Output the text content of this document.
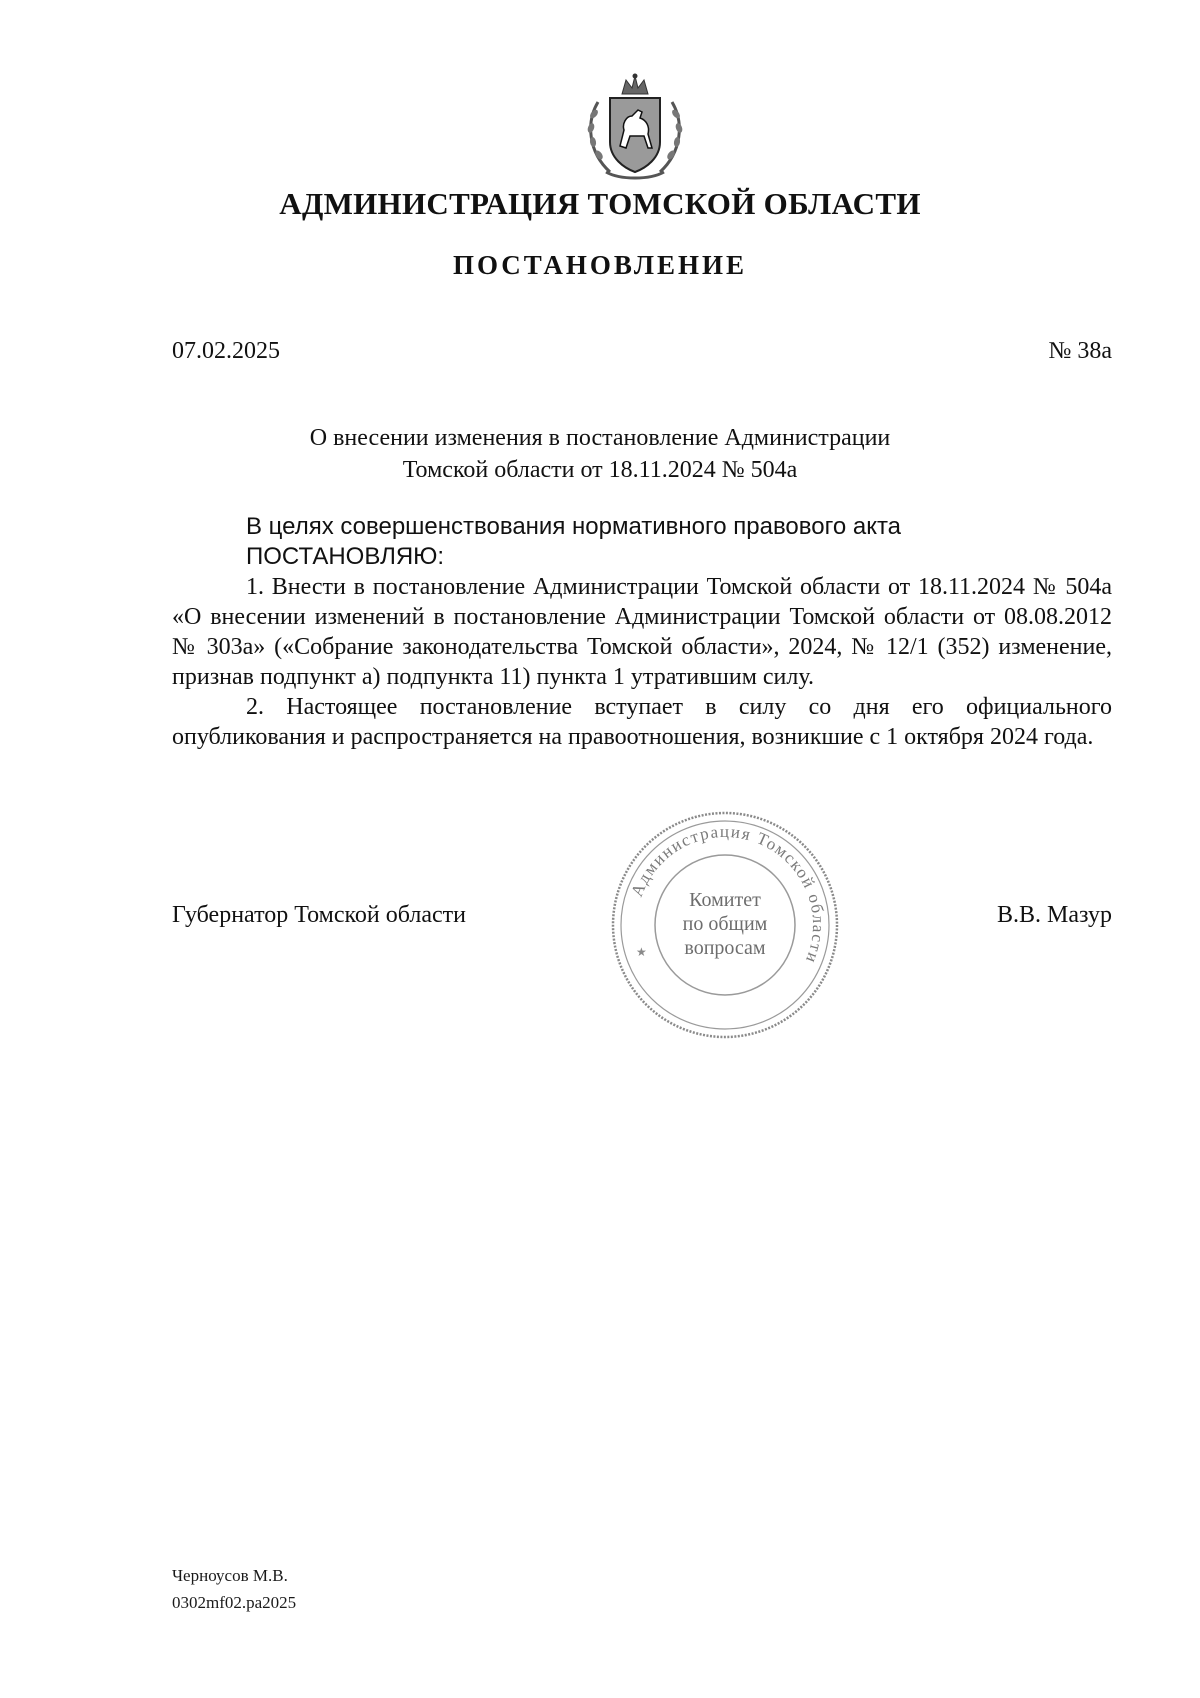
АДМИНИСТРАЦИЯ ТОМСКОЙ ОБЛАСТИ
ПОСТАНОВЛЕНИЕ
07.02.2025	№ 38а
О внесении изменения в постановление Администрации
Томской области от 18.11.2024 № 504а

В целях совершенствования нормативного правового акта

ПОСТАНОВЛЯЮ:

1. Внести в постановление Администрации Томской области от 18.11.2024 № 504а «О внесении изменений в постановление Администрации Томской области от 08.08.2012 № 303а» («Собрание законодательства Томской области», 2024, № 12/1 (352) изменение, признав подпункт а) подпункта 11) пункта 1 утратившим силу.

2. Настоящее постановление вступает в силу со дня его официального опубликования и распространяется на правоотношения, возникшие с 1 октября 2024 года.

Губернатор Томской области	В.В. Мазур
Администрация Томской области
Комитет
по общим
вопросам
★
Черноусов М.В.
0302mf02.pa2025
